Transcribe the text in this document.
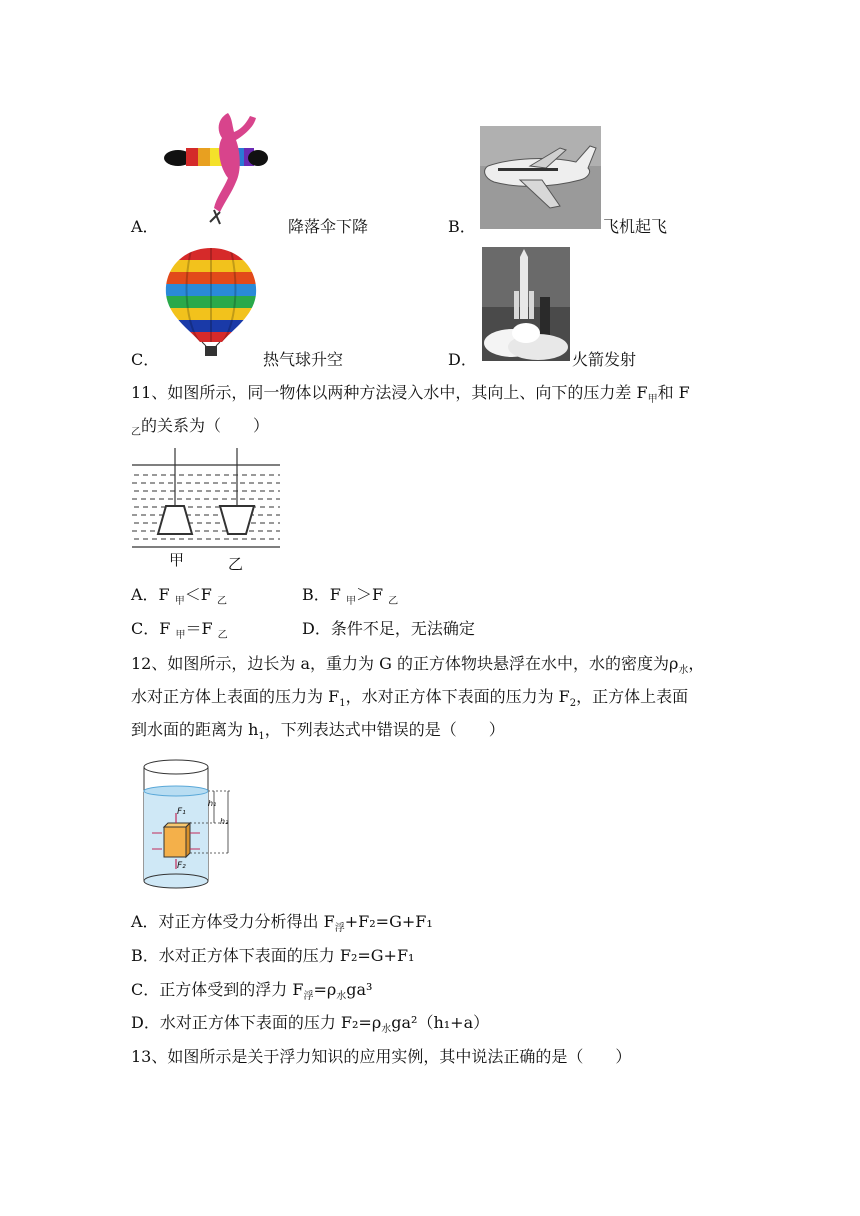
A．	降落伞下降	B．	飞机起飞
C．	热气球升空	D．	火箭发射
11、如图所示，同一物体以两种方法浸入水中，其向上、向下的压力差 $F_甲$和 F
$_乙$的关系为（　　）
甲	乙
A．F $_甲$＜F $_乙$	B．F $_甲$＞F $_乙$
C．F $_甲$＝F $_乙$	D．条件不足，无法确定
12、如图所示，边长为 a，重力为 G 的正方体物块悬浮在水中，水的密度为$\rho_水$，
水对正方体上表面的压力为 $F_1$，水对正方体下表面的压力为 $F_2$，正方体上表面
到水面的距离为 $h_1$，下列表达式中错误的是（　　）
F₁
F₂
h₁
h₂
A．对正方体受力分析得出 $F_浮+F_2=G+F_1$
B．水对正方体下表面的压力 F₂=G+F₁
C．正方体受到的浮力 $F_浮=\rho_水ga^3$
D．水对正方体下表面的压力 $F_2=\rho_水ga^2(h_1+a)$
13、如图所示是关于浮力知识的应用实例，其中说法正确的是（　　）
